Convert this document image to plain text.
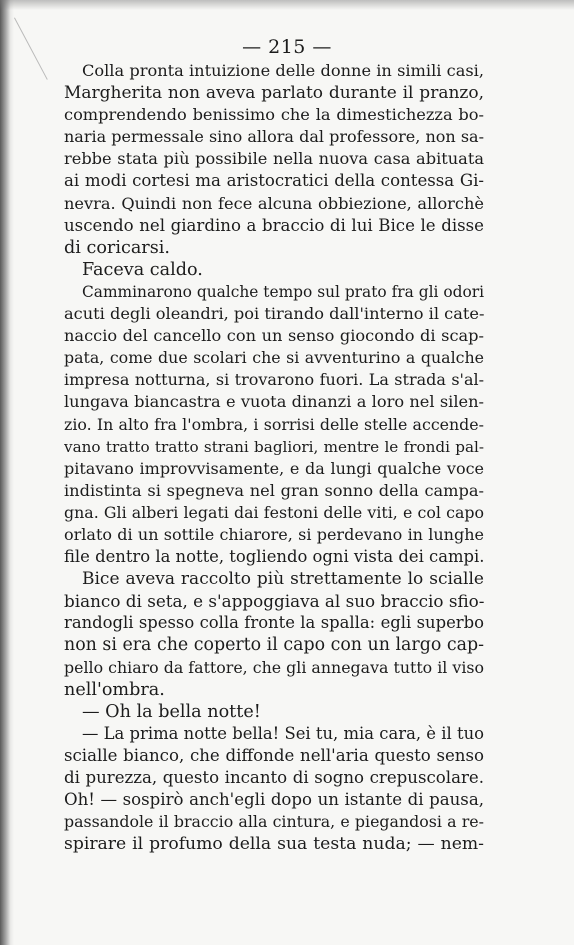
— 215 —
Colla pronta intuizione delle donne in simili casi,
Margherita non aveva parlato durante il pranzo,
comprendendo benissimo che la dimestichezza bo-
naria permessale sino allora dal professore, non sa-
rebbe stata più possibile nella nuova casa abituata
ai modi cortesi ma aristocratici della contessa Gi-
nevra. Quindi non fece alcuna obbiezione, allorchè
uscendo nel giardino a braccio di lui Bice le disse
di coricarsi.
Faceva caldo.
Camminarono qualche tempo sul prato fra gli odori
acuti degli oleandri, poi tirando dall'interno il cate-
naccio del cancello con un senso giocondo di scap-
pata, come due scolari che si avventurino a qualche
impresa notturna, si trovarono fuori. La strada s'al-
lungava biancastra e vuota dinanzi a loro nel silen-
zio. In alto fra l'ombra, i sorrisi delle stelle accende-
vano tratto tratto strani bagliori, mentre le frondi pal-
pitavano improvvisamente, e da lungi qualche voce
indistinta si spegneva nel gran sonno della campa-
gna. Gli alberi legati dai festoni delle viti, e col capo
orlato di un sottile chiarore, si perdevano in lunghe
file dentro la notte, togliendo ogni vista dei campi.
Bice aveva raccolto più strettamente lo scialle
bianco di seta, e s'appoggiava al suo braccio sfio-
randogli spesso colla fronte la spalla: egli superbo
non si era che coperto il capo con un largo cap-
pello chiaro da fattore, che gli annegava tutto il viso
nell'ombra.
— Oh la bella notte!
— La prima notte bella! Sei tu, mia cara, è il tuo
scialle bianco, che diffonde nell'aria questo senso
di purezza, questo incanto di sogno crepuscolare.
Oh! — sospirò anch'egli dopo un istante di pausa,
passandole il braccio alla cintura, e piegandosi a re-
spirare il profumo della sua testa nuda; — nem-
